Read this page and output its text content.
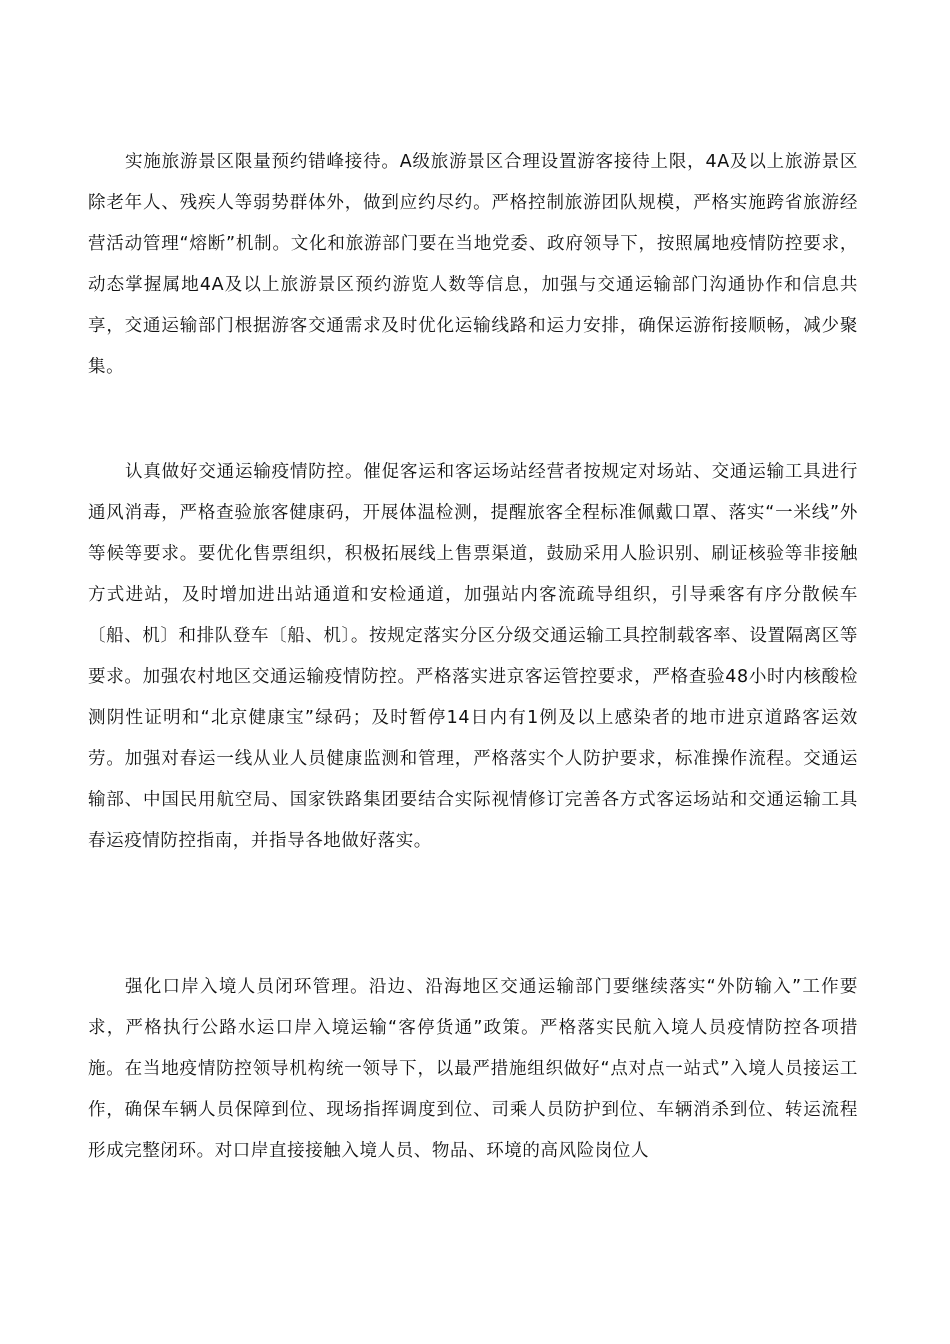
实施旅游景区限量预约错峰接待。A级旅游景区合理设置游客接待上限，4A及以上旅游景区除老年人、残疾人等弱势群体外，做到应约尽约。严格控制旅游团队规模，严格实施跨省旅游经营活动管理“熔断”机制。文化和旅游部门要在当地党委、政府领导下，按照属地疫情防控要求，动态掌握属地4A及以上旅游景区预约游览人数等信息，加强与交通运输部门沟通协作和信息共享，交通运输部门根据游客交通需求及时优化运输线路和运力安排，确保运游衔接顺畅，减少聚集。

认真做好交通运输疫情防控。催促客运和客运场站经营者按规定对场站、交通运输工具进行通风消毒，严格查验旅客健康码，开展体温检测，提醒旅客全程标准佩戴口罩、落实“一米线”外等候等要求。要优化售票组织，积极拓展线上售票渠道，鼓励采用人脸识别、刷证核验等非接触方式进站，及时增加进出站通道和安检通道，加强站内客流疏导组织，引导乘客有序分散候车〔船、机〕和排队登车〔船、机〕。按规定落实分区分级交通运输工具控制载客率、设置隔离区等要求。加强农村地区交通运输疫情防控。严格落实进京客运管控要求，严格查验48小时内核酸检测阴性证明和“北京健康宝”绿码；及时暂停14日内有1例及以上感染者的地市进京道路客运效劳。加强对春运一线从业人员健康监测和管理，严格落实个人防护要求，标准操作流程。交通运输部、中国民用航空局、国家铁路集团要结合实际视情修订完善各方式客运场站和交通运输工具春运疫情防控指南，并指导各地做好落实。

强化口岸入境人员闭环管理。沿边、沿海地区交通运输部门要继续落实“外防输入”工作要求，严格执行公路水运口岸入境运输“客停货通”政策。严格落实民航入境人员疫情防控各项措施。在当地疫情防控领导机构统一领导下，以最严措施组织做好“点对点一站式”入境人员接运工作，确保车辆人员保障到位、现场指挥调度到位、司乘人员防护到位、车辆消杀到位、转运流程形成完整闭环。对口岸直接接触入境人员、物品、环境的高风险岗位人
